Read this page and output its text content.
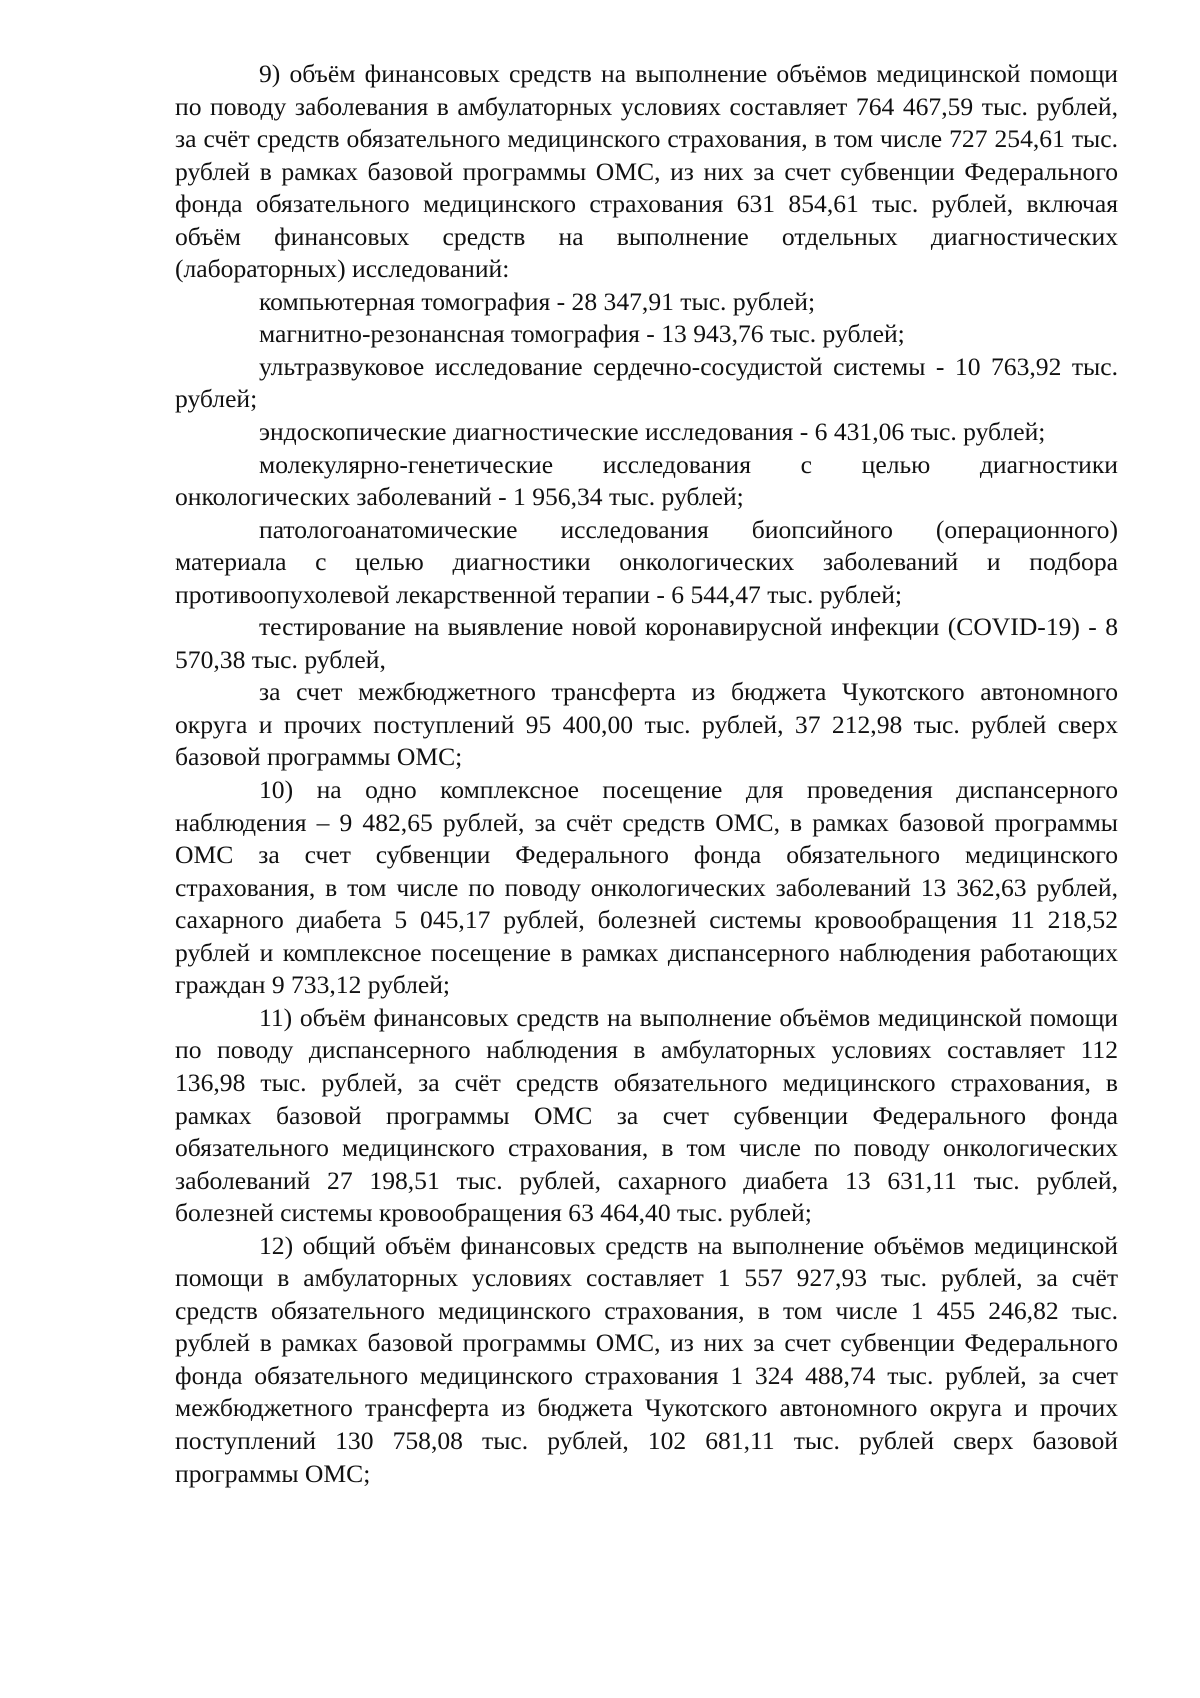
9) объём финансовых средств на выполнение объёмов медицинской помощи по поводу заболевания в амбулаторных условиях составляет 764 467,59 тыс. рублей, за счёт средств обязательного медицинского страхования, в том числе 727 254,61 тыс. рублей в рамках базовой программы ОМС, из них за счет субвенции Федерального фонда обязательного медицинского страхования 631 854,61 тыс. рублей, включая объём финансовых средств на выполнение отдельных диагностических (лабораторных) исследований:

компьютерная томография - 28 347,91 тыс. рублей;

магнитно-резонансная томография - 13 943,76 тыс. рублей;

ультразвуковое исследование сердечно-сосудистой системы - 10 763,92 тыс. рублей;

эндоскопические диагностические исследования - 6 431,06 тыс. рублей;

молекулярно-генетические исследования с целью диагностики онкологических заболеваний - 1 956,34 тыс. рублей;

патологоанатомические исследования биопсийного (операционного) материала с целью диагностики онкологических заболеваний и подбора противоопухолевой лекарственной терапии - 6 544,47 тыс. рублей;

тестирование на выявление новой коронавирусной инфекции (COVID-19) - 8 570,38 тыс. рублей,

за счет межбюджетного трансферта из бюджета Чукотского автономного округа и прочих поступлений 95 400,00 тыс. рублей, 37 212,98 тыс. рублей сверх базовой программы ОМС;

10) на одно комплексное посещение для проведения диспансерного наблюдения – 9 482,65 рублей, за счёт средств ОМС, в рамках базовой программы ОМС за счет субвенции Федерального фонда обязательного медицинского страхования, в том числе по поводу онкологических заболеваний 13 362,63 рублей, сахарного диабета 5 045,17 рублей, болезней системы кровообращения 11 218,52 рублей и комплексное посещение в рамках диспансерного наблюдения работающих граждан 9 733,12 рублей;

11) объём финансовых средств на выполнение объёмов медицинской помощи по поводу диспансерного наблюдения в амбулаторных условиях составляет 112 136,98 тыс. рублей, за счёт средств обязательного медицинского страхования, в рамках базовой программы ОМС за счет субвенции Федерального фонда обязательного медицинского страхования, в том числе по поводу онкологических заболеваний 27 198,51 тыс. рублей, сахарного диабета 13 631,11 тыс. рублей, болезней системы кровообращения 63 464,40 тыс. рублей;

12) общий объём финансовых средств на выполнение объёмов медицинской помощи в амбулаторных условиях составляет 1 557 927,93 тыс. рублей, за счёт средств обязательного медицинского страхования, в том числе 1 455 246,82 тыс. рублей в рамках базовой программы ОМС, из них за счет субвенции Федерального фонда обязательного медицинского страхования 1 324 488,74 тыс. рублей, за счет межбюджетного трансферта из бюджета Чукотского автономного округа и прочих поступлений 130 758,08 тыс. рублей, 102 681,11 тыс. рублей сверх базовой программы ОМС;
